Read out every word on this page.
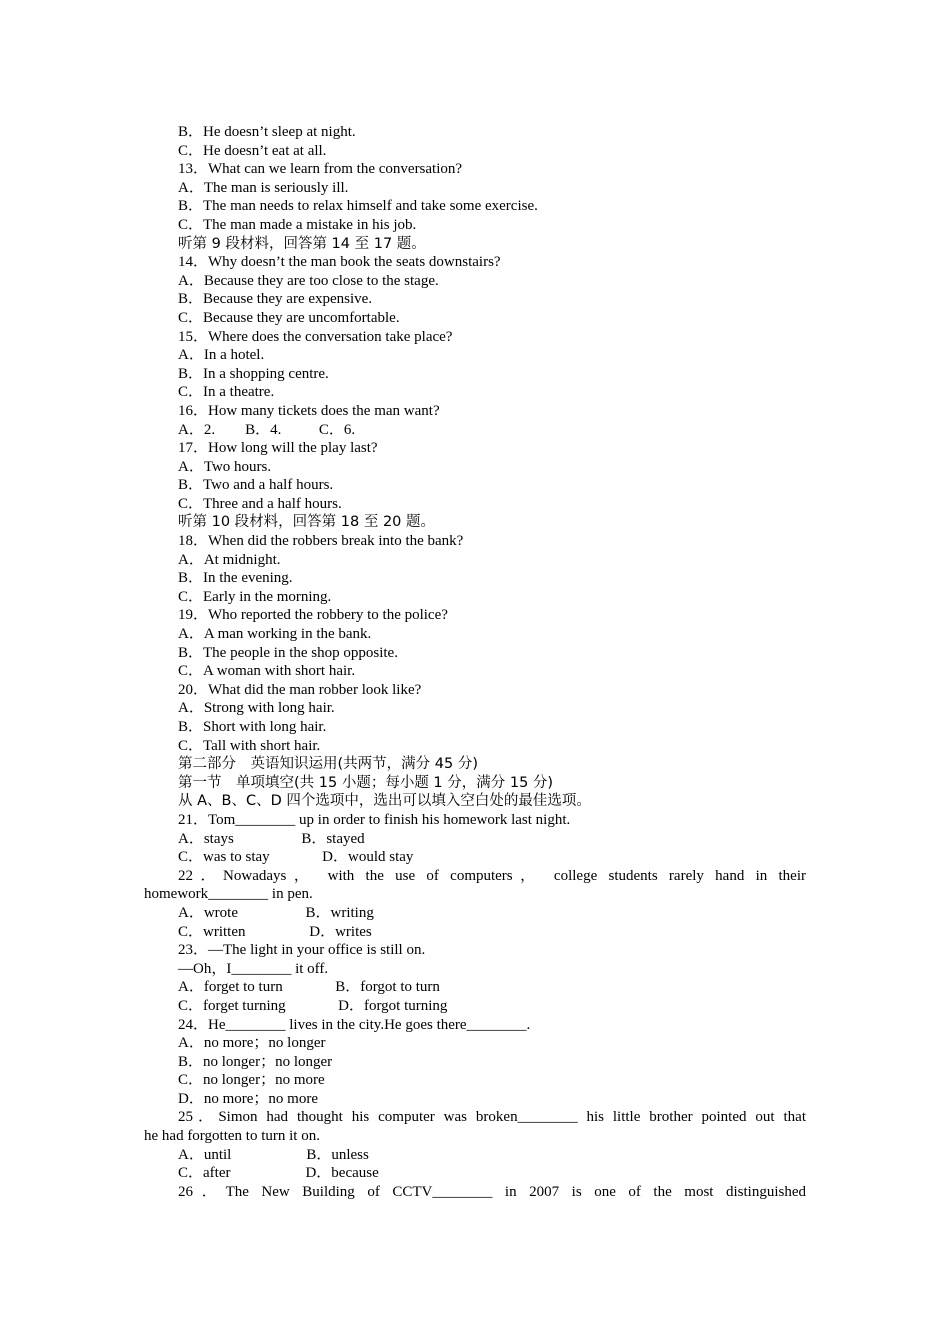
B．He doesn’t sleep at night.
C．He doesn’t eat at all.
13．What can we learn from the conversation?
A．The man is seriously ill.
B．The man needs to relax himself and take some exercise.
C．The man made a mistake in his job.
听第 9 段材料，回答第 14 至 17 题。
14．Why doesn’t the man book the seats downstairs?
A．Because they are too close to the stage.
B．Because they are expensive.
C．Because they are uncomfortable.
15．Where does the conversation take place?
A．In a hotel.
B．In a shopping centre.
C．In a theatre.
16．How many tickets does the man want?
A．2.        B．4.          C．6.
17．How long will the play last?
A．Two hours.
B．Two and a half hours.
C．Three and a half hours.
听第 10 段材料，回答第 18 至 20 题。
18．When did the robbers break into the bank?
A．At midnight.
B．In the evening.
C．Early in the morning.
19．Who reported the robbery to the police?
A．A man working in the bank.
B．The people in the shop opposite.
C．A woman with short hair.
20．What did the man robber look like?
A．Strong with long hair.
B．Short with long hair.
C．Tall with short hair.
第二部分　英语知识运用(共两节，满分 45 分)
第一节　单项填空(共 15 小题；每小题 1 分，满分 15 分)
从 A、B、C、D 四个选项中，选出可以填入空白处的最佳选项。
21．Tom________ up in order to finish his homework last night.
A．stays                  B．stayed
C．was to stay              D．would stay
22．Nowadays， with the use of computers， college students rarely hand in their
homework________ in pen.
A．wrote                  B．writing
C．written                 D．writes
23．—The light in your office is still on.
—Oh，I________ it off.
A．forget to turn              B．forgot to turn
C．forget turning              D．forgot turning
24．He________ lives in the city.He goes there________.
A．no more；no longer
B．no longer；no longer
C．no longer；no more
D．no more；no more
25．Simon had thought his computer was broken________ his little brother pointed out that
he had forgotten to turn it on.
A．until                    B．unless
C．after                    D．because
26．The New Building of CCTV________ in 2007 is one of the most distinguished
